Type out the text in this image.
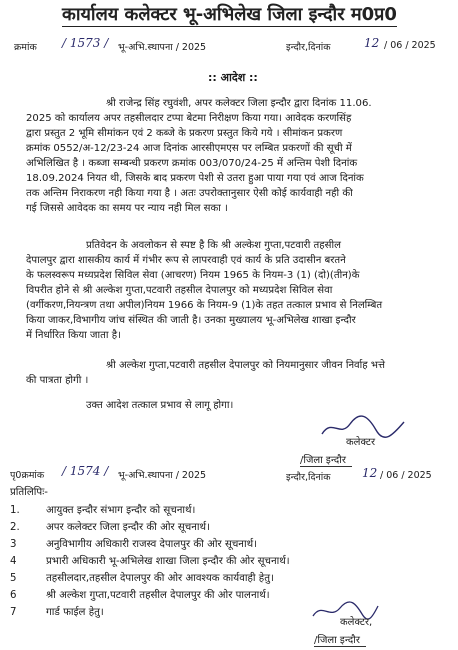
कार्यालय कलेक्टर भू-अभिलेख जिला इन्दौर म0प्र0
क्रमांक / 1573 / भू-अभि.स्थापना / 2025	इन्दौर,दिनांक	12 / 06 / 2025
:: आदेश ::
श्री राजेन्द्र सिंह रघुवंशी, अपर कलेक्टर जिला इन्दौर द्वारा दिनांक 11.06.
2025 को कार्यालय अपर तहसीलदार टप्पा बेटमा निरीक्षण किया गया। आवेदक करणसिंह
द्वारा प्रस्तुत 2 भूमि सीमांकन एवं 2 कब्जे के प्रकरण प्रस्तुत किये गये । सीमांकन प्रकरण
क्रमांक 0552/अ-12/23-24 आज दिनांक आरसीएमएस पर लम्बित प्रकरणों की सूची में
अभिलिखित है । कब्जा सम्बन्धी प्रकरण क्रमांक 003/070/24-25 में अन्तिम पेशी दिनांक
18.09.2024 नियत थी, जिसके बाद प्रकरण पेशी से उतरा हुआ पाया गया एवं आज दिनांक
तक अन्तिम निराकरण नही किया गया है । अतः उपरोक्तानुसार ऐसी कोई कार्यवाही नही की
गई जिससे आवेदक का समय पर न्याय नही मिल सका ।
प्रतिवेदन के अवलोकन से स्पष्ट है कि श्री अल्केश गुप्ता,पटवारी तहसील
देपालपुर द्वारा शासकीय कार्य में गंभीर रूप से लापरवाही एवं कार्य के प्रति उदासीन बरतने
के फलस्वरूप मध्यप्रदेश सिविल सेवा (आचरण) नियम 1965 के नियम-3 (1) (दो)(तीन)के
विपरीत होने से श्री अल्केश गुप्ता,पटवारी तहसील देपालपुर को मध्यप्रदेश सिविल सेवा
(वर्गीकरण,नियन्त्रण तथा अपील)नियम 1966 के नियम-9 (1)के तहत तत्काल प्रभाव से निलम्बित
किया जाकर,विभागीय जांच संस्थित की जाती है। उनका मुख्यालय भू-अभिलेख शाखा इन्दौर
में निर्धारित किया जाता है।
श्री अल्केश गुप्ता,पटवारी तहसील देपालपुर को नियमानुसार जीवन निर्वाह भत्ते
की पात्रता होगी ।
उक्त आदेश तत्काल प्रभाव से लागू होगा।
कलेक्टर
/जिला इन्दौर
इन्दौर,दिनांक	12 / 06 / 2025
पृ0क्रमांक / 1574 / भू-अभि.स्थापना / 2025
प्रतिलिपिः-
1.	आयुक्त इन्दौर संभाग इन्दौर को सूचनार्थ।
2.	अपर कलेक्टर जिला इन्दौर की ओर सूचनार्थ।
3	अनुविभागीय अधिकारी राजस्व देपालपुर की ओर सूचनार्थ।
4	प्रभारी अधिकारी भू-अभिलेख शाखा जिला इन्दौर की ओर सूचनार्थ।
5	तहसीलदार,तहसील देपालपुर की ओर आवश्यक कार्यवाही हेतु।
6	श्री अल्केश गुप्ता,पटवारी तहसील देपालपुर की ओर पालनार्थ।
7	गार्ड फाईल हेतु।
कलेक्टर,
/जिला इन्दौर
